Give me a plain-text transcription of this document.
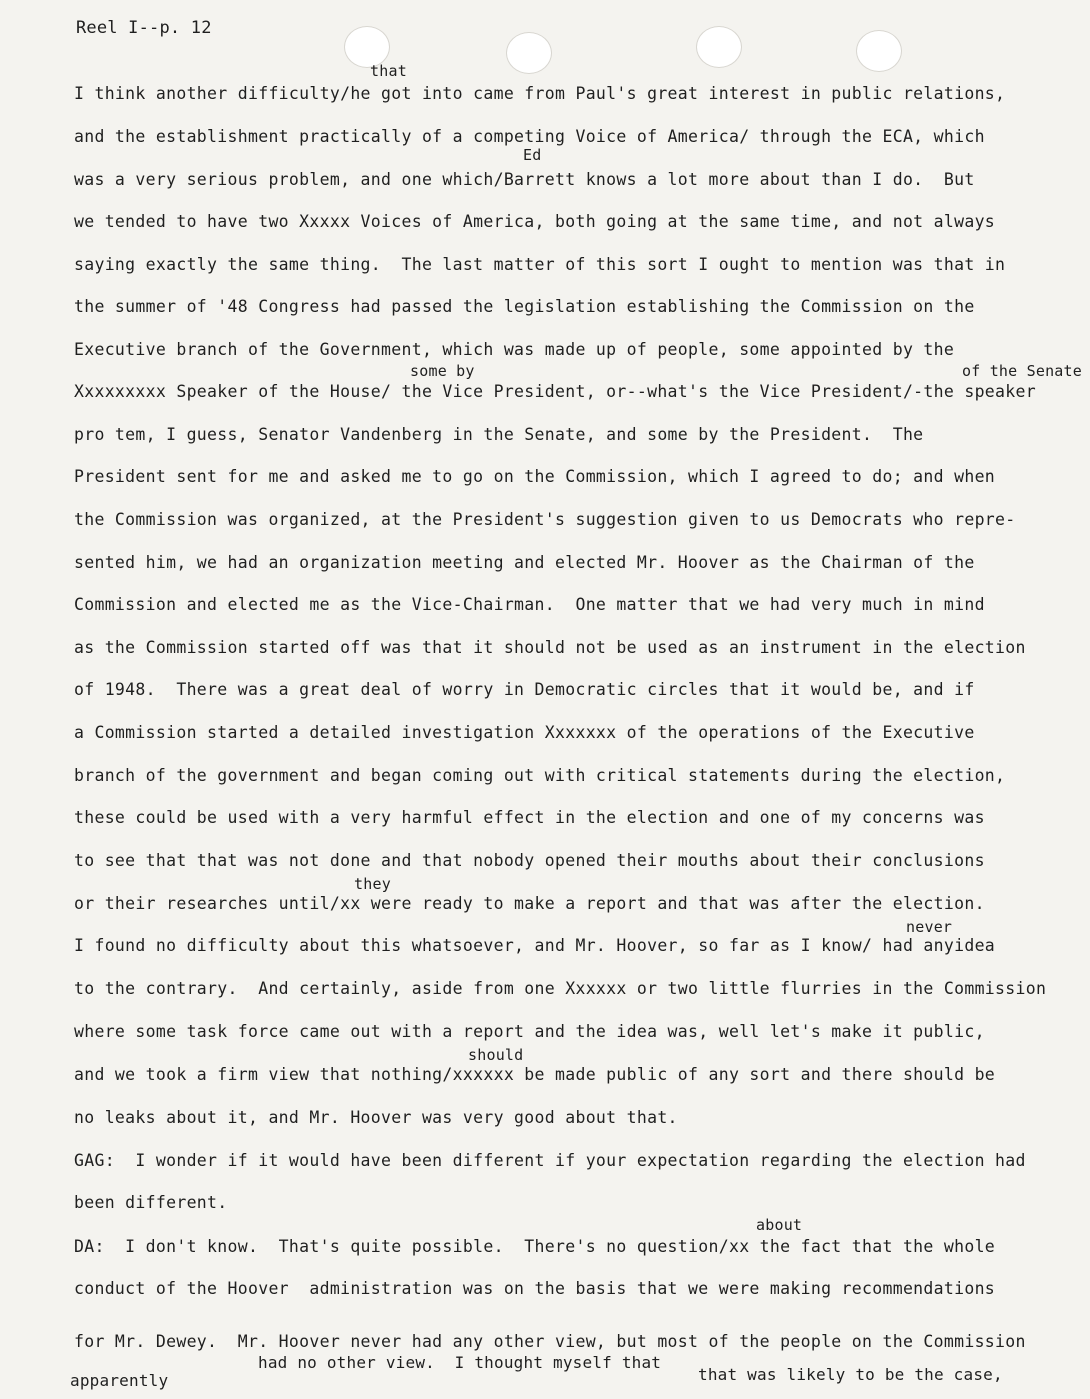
Reel I--p. 12
that
Ed
some by	of the Senate
they
never
should
about
I think another difficulty/he got into came from Paul's great interest in public relations,
and the establishment practically of a competing Voice of America/ through the ECA, which
was a very serious problem, and one which/Barrett knows a lot more about than I do.  But
we tended to have two Xxxxx Voices of America, both going at the same time, and not always
saying exactly the same thing.  The last matter of this sort I ought to mention was that in
the summer of '48 Congress had passed the legislation establishing the Commission on the
Executive branch of the Government, which was made up of people, some appointed by the
Xxxxxxxxx Speaker of the House/ the Vice President, or--what's the Vice President/-the speaker
pro tem, I guess, Senator Vandenberg in the Senate, and some by the President.  The
President sent for me and asked me to go on the Commission, which I agreed to do; and when
the Commission was organized, at the President's suggestion given to us Democrats who repre-
sented him, we had an organization meeting and elected Mr. Hoover as the Chairman of the
Commission and elected me as the Vice-Chairman.  One matter that we had very much in mind
as the Commission started off was that it should not be used as an instrument in the election
of 1948.  There was a great deal of worry in Democratic circles that it would be, and if
a Commission started a detailed investigation Xxxxxxx of the operations of the Executive
branch of the government and began coming out with critical statements during the election,
these could be used with a very harmful effect in the election and one of my concerns was
to see that that was not done and that nobody opened their mouths about their conclusions
or their researches until/xx were ready to make a report and that was after the election.
I found no difficulty about this whatsoever, and Mr. Hoover, so far as I know/ had anyidea
to the contrary.  And certainly, aside from one Xxxxxx or two little flurries in the Commission
where some task force came out with a report and the idea was, well let's make it public,
and we took a firm view that nothing/xxxxxx be made public of any sort and there should be
no leaks about it, and Mr. Hoover was very good about that.
GAG:  I wonder if it would have been different if your expectation regarding the election had
been different.
DA:  I don't know.  That's quite possible.  There's no question/xx the fact that the whole
conduct of the Hoover  administration was on the basis that we were making recommendations
for Mr. Dewey.  Mr. Hoover never had any other view, but most of the people on the Commission
had no other view.  I thought myself that
apparently	that was likely to be the case,
